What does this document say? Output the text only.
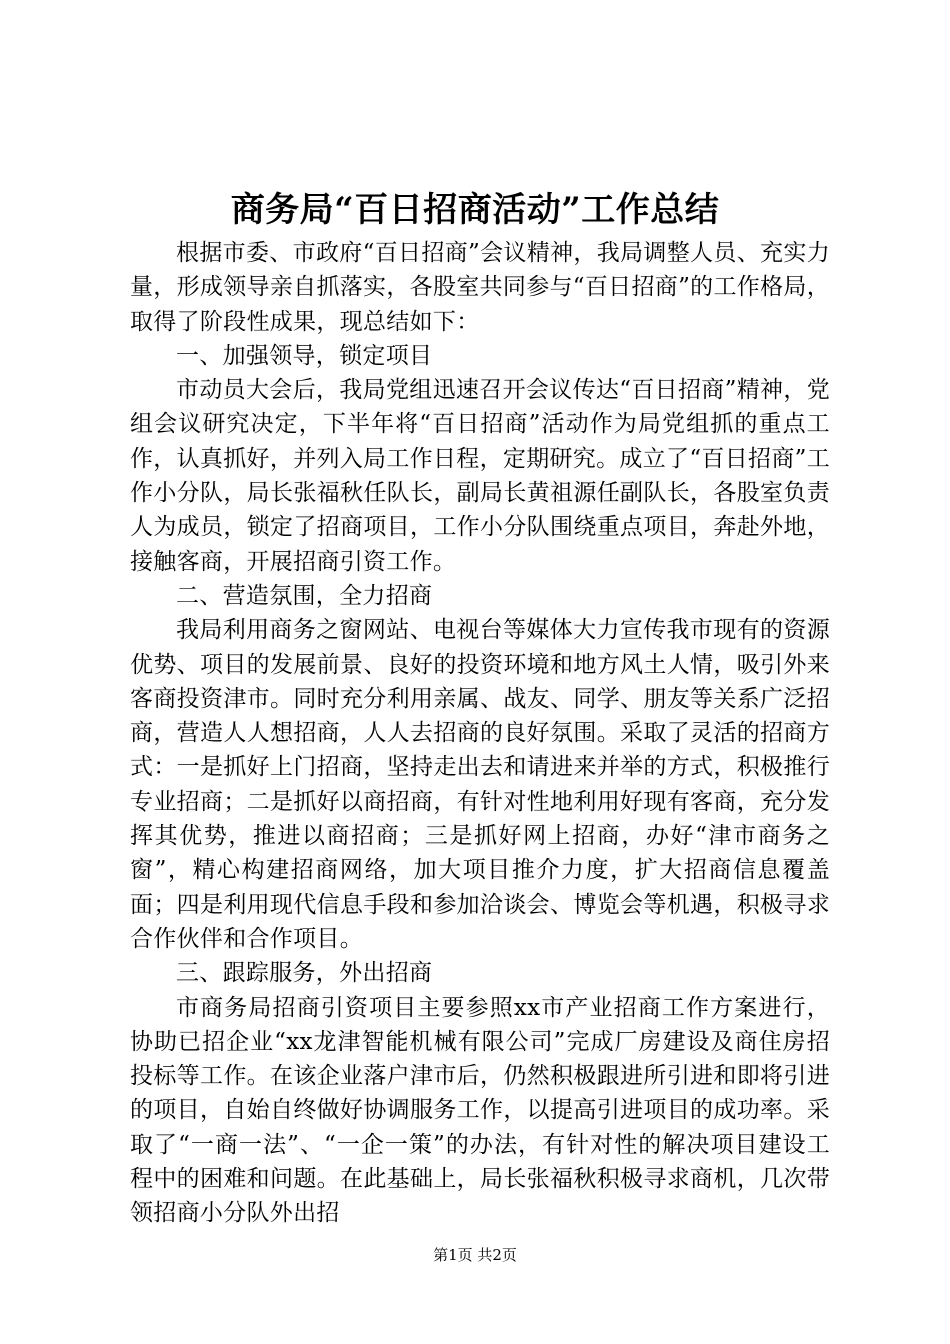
商务局“百日招商活动”工作总结

根据市委、市政府“百日招商”会议精神，我局调整人员、充实力量，形成领导亲自抓落实，各股室共同参与“百日招商”的工作格局，取得了阶段性成果，现总结如下：

一、加强领导，锁定项目

市动员大会后，我局党组迅速召开会议传达“百日招商”精神，党组会议研究决定，下半年将“百日招商”活动作为局党组抓的重点工作，认真抓好，并列入局工作日程，定期研究。成立了“百日招商”工作小分队，局长张福秋任队长，副局长黄祖源任副队长，各股室负责人为成员，锁定了招商项目，工作小分队围绕重点项目，奔赴外地，接触客商，开展招商引资工作。

二、营造氛围，全力招商

我局利用商务之窗网站、电视台等媒体大力宣传我市现有的资源优势、项目的发展前景、良好的投资环境和地方风土人情，吸引外来客商投资津市。同时充分利用亲属、战友、同学、朋友等关系广泛招商，营造人人想招商，人人去招商的良好氛围。采取了灵活的招商方式：一是抓好上门招商，坚持走出去和请进来并举的方式，积极推行专业招商；二是抓好以商招商，有针对性地利用好现有客商，充分发挥其优势，推进以商招商；三是抓好网上招商，办好“津市商务之窗”，精心构建招商网络，加大项目推介力度，扩大招商信息覆盖面；四是利用现代信息手段和参加洽谈会、博览会等机遇，积极寻求合作伙伴和合作项目。

三、跟踪服务，外出招商

市商务局招商引资项目主要参照xx市产业招商工作方案进行，协助已招企业“xx龙津智能机械有限公司”完成厂房建设及商住房招投标等工作。在该企业落户津市后，仍然积极跟进所引进和即将引进的项目，自始自终做好协调服务工作，以提高引进项目的成功率。采取了“一商一法”、“一企一策”的办法，有针对性的解决项目建设工程中的困难和问题。在此基础上，局长张福秋积极寻求商机，几次带领招商小分队外出招

第1页 共2页
